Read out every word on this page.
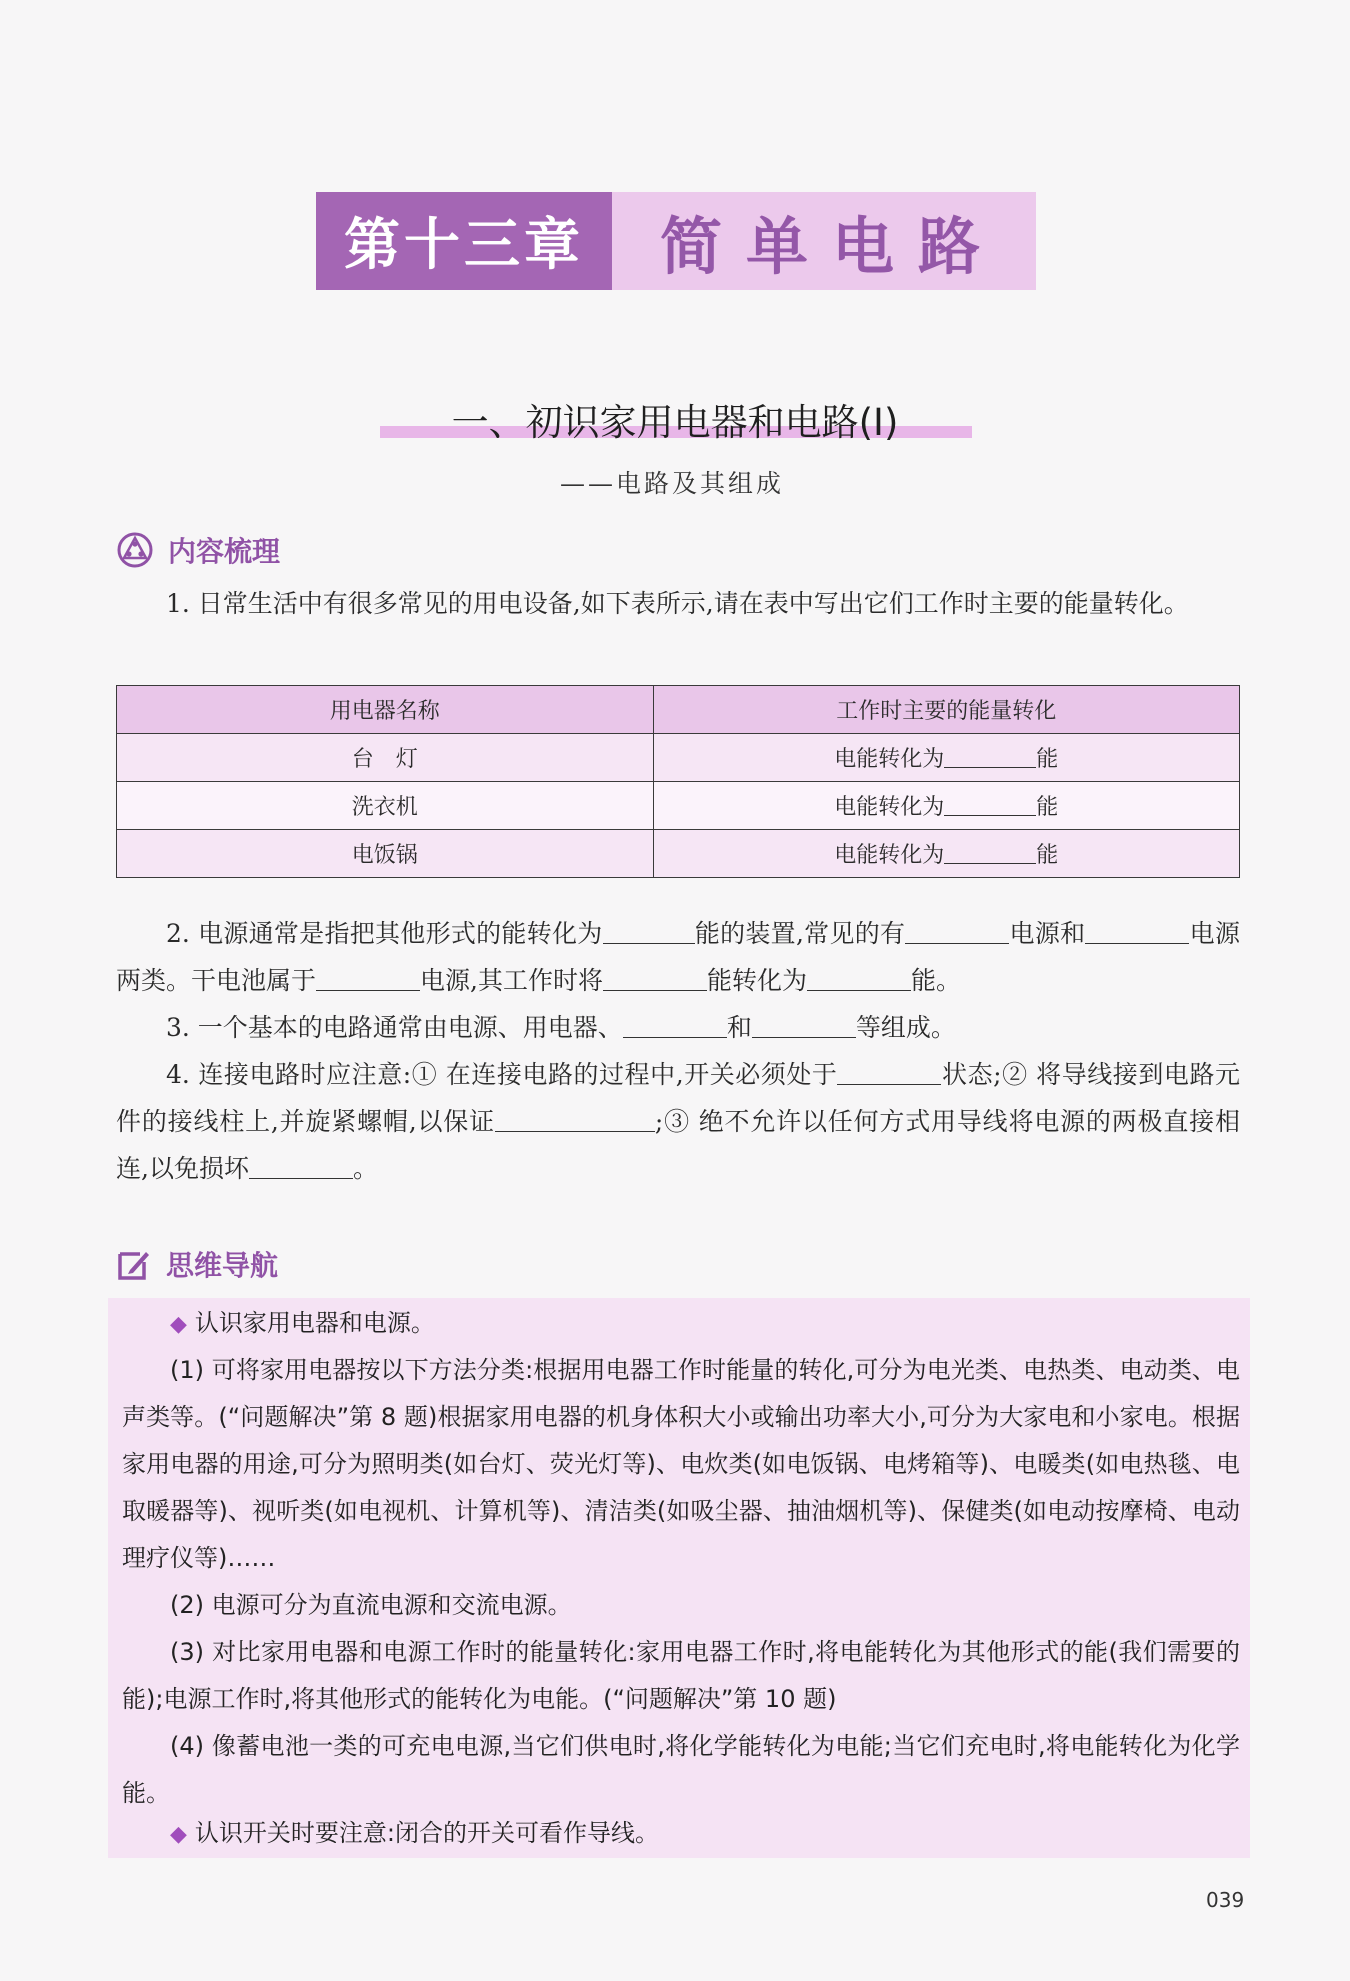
第十三章	简单电路
一、初识家用电器和电路(Ⅰ)
——电路及其组成
内容梳理
1. 日常生活中有很多常见的用电设备,如下表所示,请在表中写出它们工作时主要的能量转化。
用电器名称	工作时主要的能量转化
台　灯	电能转化为 能
洗衣机	电能转化为 能
电饭锅	电能转化为 能
2. 电源通常是指把其他形式的能转化为	能的装置,常见的有	电源和	电源两类。干电池属于	电源,其工作时将	能转化为	能。
3. 一个基本的电路通常由电源、用电器、	和	等组成。
4. 连接电路时应注意:① 在连接电路的过程中,开关必须处于	状态;② 将导线接到电路元件的接线柱上,并旋紧螺帽,以保证	;③ 绝不允许以任何方式用导线将电源的两极直接相连,以免损坏	。
思维导航
◆ 认识家用电器和电源。
(1) 可将家用电器按以下方法分类:根据用电器工作时能量的转化,可分为电光类、电热类、电动类、电声类等。(“问题解决”第 8 题)根据家用电器的机身体积大小或输出功率大小,可分为大家电和小家电。根据家用电器的用途,可分为照明类(如台灯、荧光灯等)、电炊类(如电饭锅、电烤箱等)、电暖类(如电热毯、电取暖器等)、视听类(如电视机、计算机等)、清洁类(如吸尘器、抽油烟机等)、保健类(如电动按摩椅、电动理疗仪等)……
(2) 电源可分为直流电源和交流电源。
(3) 对比家用电器和电源工作时的能量转化:家用电器工作时,将电能转化为其他形式的能(我们需要的能);电源工作时,将其他形式的能转化为电能。(“问题解决”第 10 题)
(4) 像蓄电池一类的可充电电源,当它们供电时,将化学能转化为电能;当它们充电时,将电能转化为化学能。
◆ 认识开关时要注意:闭合的开关可看作导线。
039
